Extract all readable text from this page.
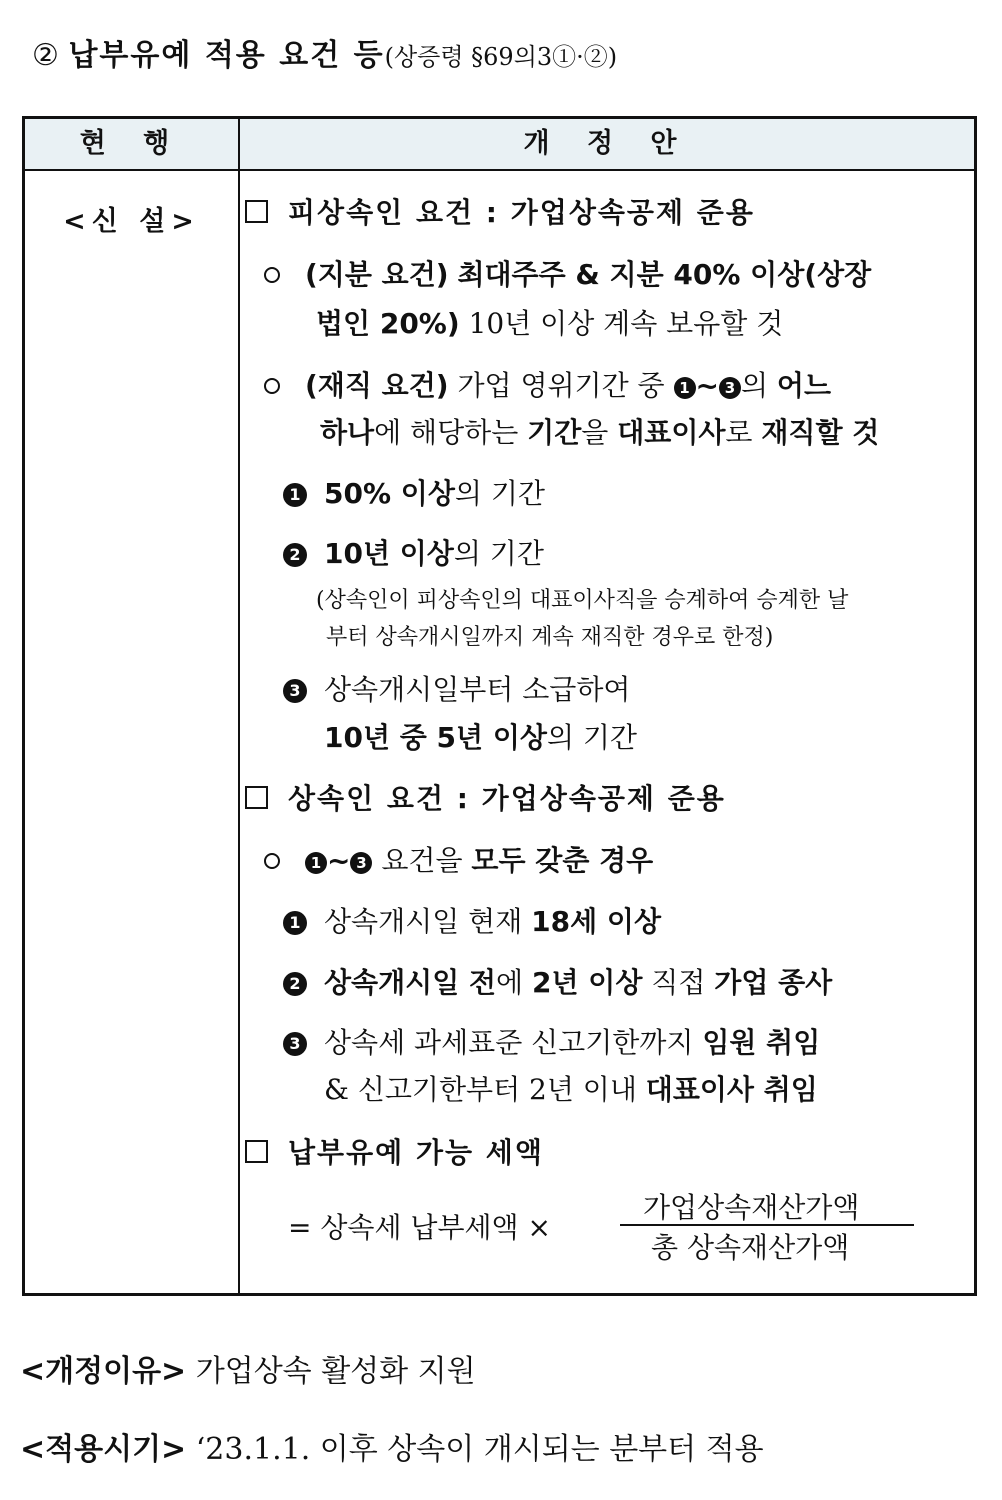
② 납부유예 적용 요건 등(상증령 §69의3①·②)
현 행	개 정 안
<신 설>	피상속인 요건 : 가업상속공제 준용
(지분 요건) 최대주주 & 지분 40% 이상(상장
법인 20%) 10년 이상 계속 보유할 것
(재직 요건) 가업 영위기간 중 1 ~ 3 의 어느
하나에 해당하는 기간을 대표이사로 재직할 것
1 50% 이상의 기간
2 10년 이상의 기간
(상속인이 피상속인의 대표이사직을 승계하여 승계한 날
부터 상속개시일까지 계속 재직한 경우로 한정)
3 상속개시일부터 소급하여
10년 중 5년 이상의 기간
상속인 요건 : 가업상속공제 준용
1 ~ 3 요건을 모두 갖춘 경우
1 상속개시일 현재 18세 이상
2 상속개시일 전에 2년 이상 직접 가업 종사
3 상속세 과세표준 신고기한까지 임원 취임
& 신고기한부터 2년 이내 대표이사 취임
납부유예 가능 세액
= 상속세 납부세액 ×
가업상속재산가액
총 상속재산가액
<개정이유> 가업상속 활성화 지원
<적용시기> ‘23.1.1. 이후 상속이 개시되는 분부터 적용
